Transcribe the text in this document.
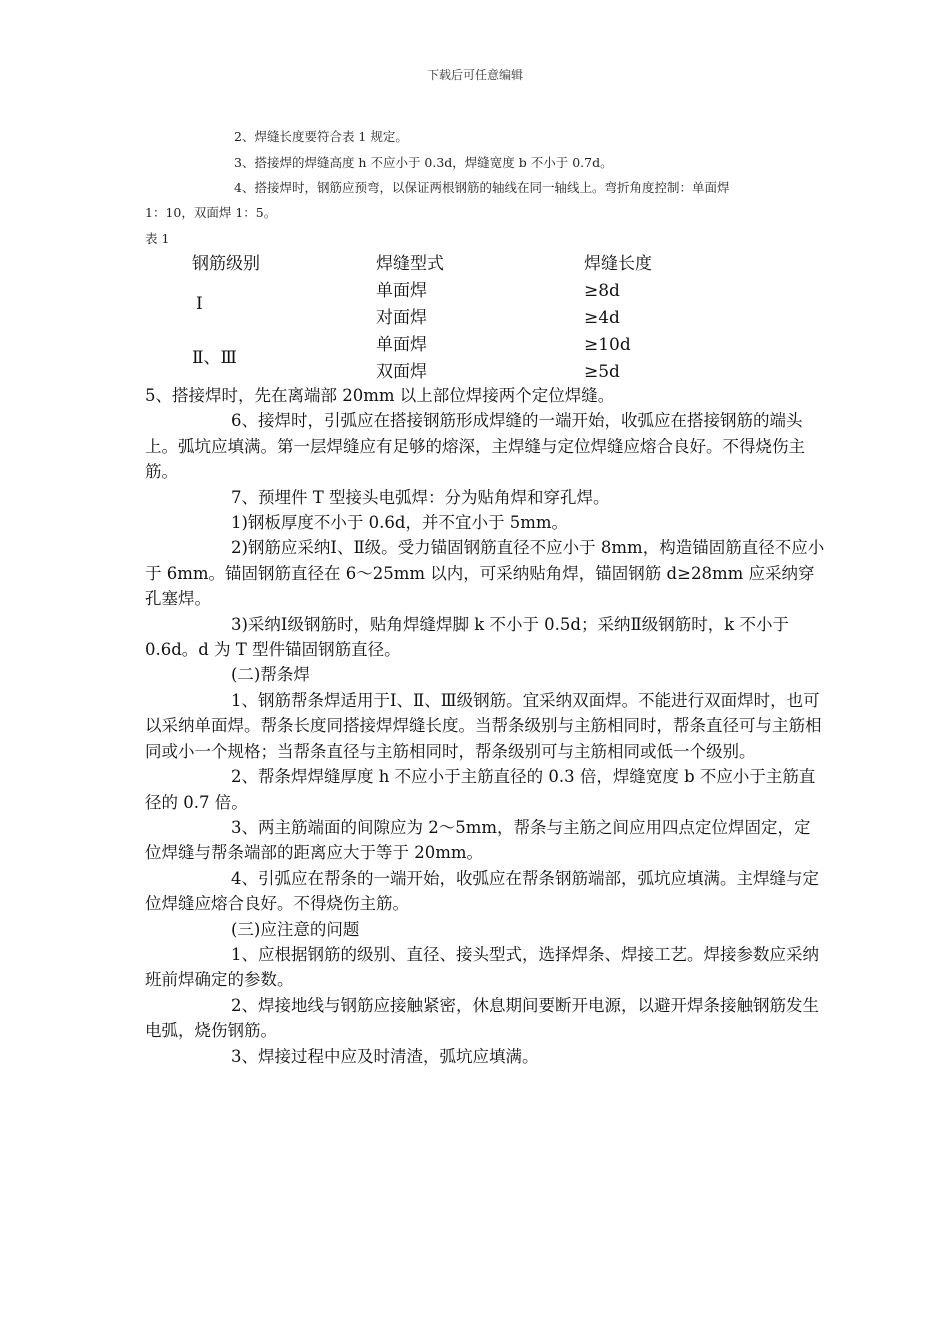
下载后可任意编辑
2、焊缝长度要符合表 1 规定。
3、搭接焊的焊缝高度 h 不应小于 0.3d，焊缝宽度 b 不小于 0.7d。
4、搭接焊时，钢筋应预弯，以保证两根钢筋的轴线在同一轴线上。弯折角度控制：单面焊
1：10，双面焊 1：5。
表 1
钢筋级别	焊缝型式	焊缝长度
Ⅰ
单面焊	≥8d
对面焊	≥4d
Ⅱ、Ⅲ
单面焊	≥10d
双面焊	≥5d

5、搭接焊时，先在离端部 20mm 以上部位焊接两个定位焊缝。

6、接焊时，引弧应在搭接钢筋形成焊缝的一端开始，收弧应在搭接钢筋的端头上。弧坑应填满。第一层焊缝应有足够的熔深，主焊缝与定位焊缝应熔合良好。不得烧伤主筋。

7、预埋件 T 型接头电弧焊：分为贴角焊和穿孔焊。

1)钢板厚度不小于 0.6d，并不宜小于 5mm。

2)钢筋应采纳Ⅰ、Ⅱ级。受力锚固钢筋直径不应小于 8mm，构造锚固筋直径不应小于 6mm。锚固钢筋直径在 6～25mm 以内，可采纳贴角焊，锚固钢筋 d≥28mm 应采纳穿孔塞焊。

3)采纳Ⅰ级钢筋时，贴角焊缝焊脚 k 不小于 0.5d；采纳Ⅱ级钢筋时，k 不小于 0.6d。d 为 T 型件锚固钢筋直径。

(二)帮条焊

1、钢筋帮条焊适用于Ⅰ、Ⅱ、Ⅲ级钢筋。宜采纳双面焊。不能进行双面焊时，也可以采纳单面焊。帮条长度同搭接焊焊缝长度。当帮条级别与主筋相同时，帮条直径可与主筋相同或小一个规格；当帮条直径与主筋相同时，帮条级别可与主筋相同或低一个级别。

2、帮条焊焊缝厚度 h 不应小于主筋直径的 0.3 倍，焊缝宽度 b 不应小于主筋直径的 0.7 倍。

3、两主筋端面的间隙应为 2～5mm，帮条与主筋之间应用四点定位焊固定，定位焊缝与帮条端部的距离应大于等于 20mm。

4、引弧应在帮条的一端开始，收弧应在帮条钢筋端部，弧坑应填满。主焊缝与定位焊缝应熔合良好。不得烧伤主筋。

(三)应注意的问题

1、应根据钢筋的级别、直径、接头型式，选择焊条、焊接工艺。焊接参数应采纳班前焊确定的参数。

2、焊接地线与钢筋应接触紧密，休息期间要断开电源，以避开焊条接触钢筋发生电弧，烧伤钢筋。

3、焊接过程中应及时清渣，弧坑应填满。
